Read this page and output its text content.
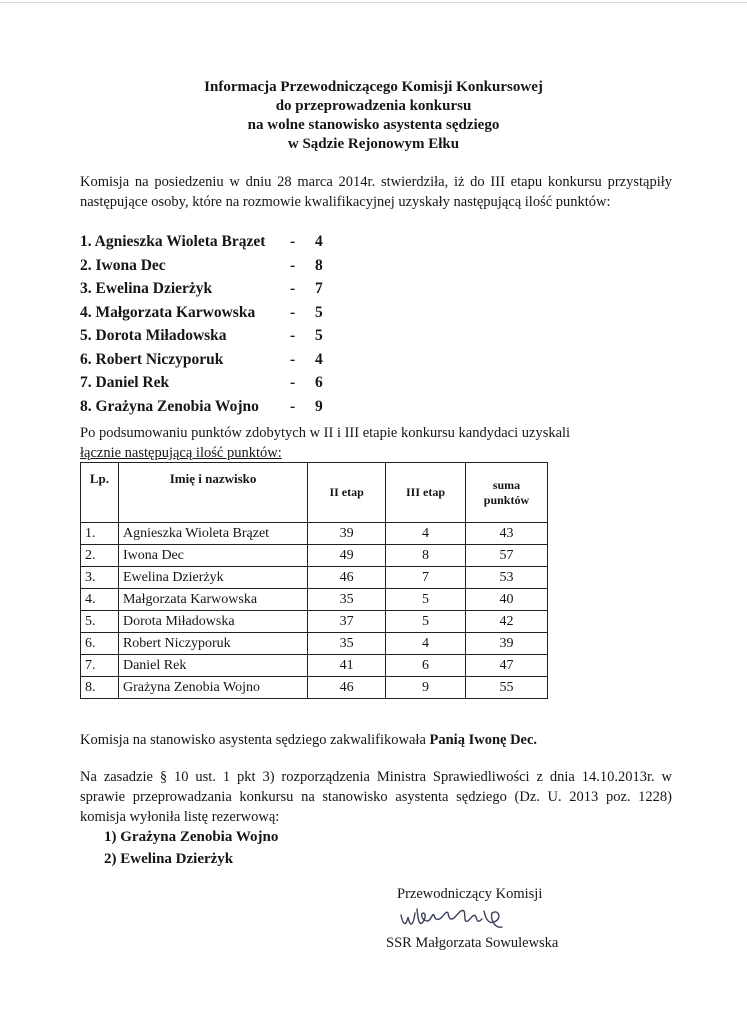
Informacja Przewodniczącego Komisji Konkursowej
do przeprowadzenia konkursu
na wolne stanowisko asystenta sędziego
w Sądzie Rejonowym Ełku
Komisja na posiedzeniu w dniu 28 marca 2014r. stwierdziła, iż do III etapu konkursu przystąpiły następujące osoby, które na rozmowie kwalifikacyjnej uzyskały następującą ilość punktów:
1. Agnieszka Wioleta Brązet - 4
2. Iwona Dec	- 8
3. Ewelina Dzierżyk	- 7
4. Małgorzata Karwowska - 5
5. Dorota Miładowska	- 5
6. Robert Niczyporuk	- 4
7. Daniel Rek	- 6
8. Grażyna Zenobia Wojno - 9
Po podsumowaniu punktów zdobytych w II i III etapie konkursu kandydaci uzyskali
łącznie następującą ilość punktów:
Lp.	Imię i nazwisko	II etap	III etap	suma punktów
1.	Agnieszka Wioleta Brązet	39	4	43
2.	Iwona Dec	49	8	57
3.	Ewelina Dzierżyk	46	7	53
4.	Małgorzata Karwowska	35	5	40
5.	Dorota Miładowska	37	5	42
6.	Robert Niczyporuk	35	4	39
7.	Daniel Rek	41	6	47
8.	Grażyna Zenobia Wojno	46	9	55
Komisja na stanowisko asystenta sędziego zakwalifikowała Panią Iwonę Dec.
Na zasadzie § 10 ust. 1 pkt 3) rozporządzenia Ministra Sprawiedliwości z dnia 14.10.2013r. w sprawie przeprowadzania konkursu na stanowisko asystenta sędziego (Dz. U. 2013 poz. 1228) komisja wyłoniła listę rezerwową:
1) Grażyna Zenobia Wojno
2) Ewelina Dzierżyk
Przewodniczący Komisji
SSR Małgorzata Sowulewska
